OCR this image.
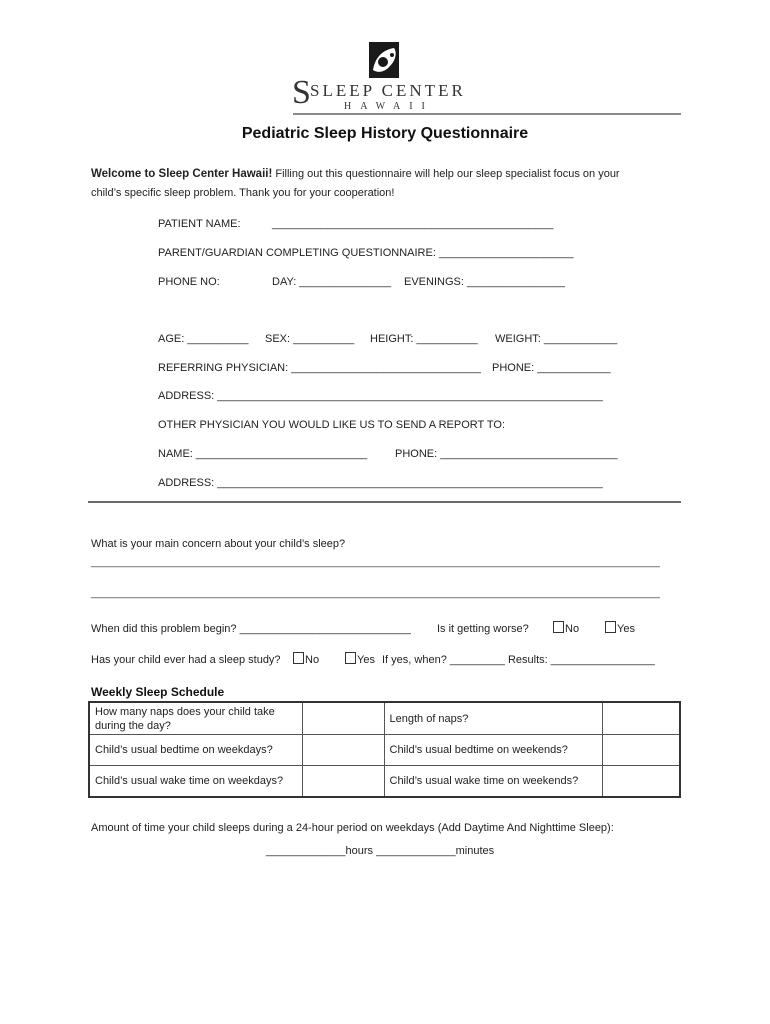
S SLEEP CENTER
HAWAII
Pediatric Sleep History Questionnaire
Welcome to Sleep Center Hawaii! Filling out this questionnaire will help our sleep specialist focus on your
child’s specific sleep problem. Thank you for your cooperation!
PATIENT NAME:	______________________________________________
PARENT/GUARDIAN COMPLETING QUESTIONNAIRE: ______________________
PHONE NO:	DAY: _______________ EVENINGS: ________________
AGE: __________ SEX: __________ HEIGHT: __________ WEIGHT: ____________
REFERRING PHYSICIAN: _______________________________ PHONE: ____________
ADDRESS: _______________________________________________________________
OTHER PHYSICIAN YOU WOULD LIKE US TO SEND A REPORT TO:
NAME: ____________________________	PHONE: _____________________________
ADDRESS: _______________________________________________________________
What is your main concern about your child’s sleep?
_____________________________________________________________________________________________
_____________________________________________________________________________________________
When did this problem begin? ____________________________ Is it getting worse?	No	Yes
Has your child ever had a sleep study?	No	Yes If yes, when? _________ Results: _________________
Weekly Sleep Schedule
How many naps does your child take during the day?		Length of naps?	
Child’s usual bedtime on weekdays?		Child’s usual bedtime on weekends?	
Child’s usual wake time on weekdays?		Child’s usual wake time on weekends?	
Amount of time your child sleeps during a 24-hour period on weekdays (Add Daytime And Nighttime Sleep):
_____________hours _____________minutes
